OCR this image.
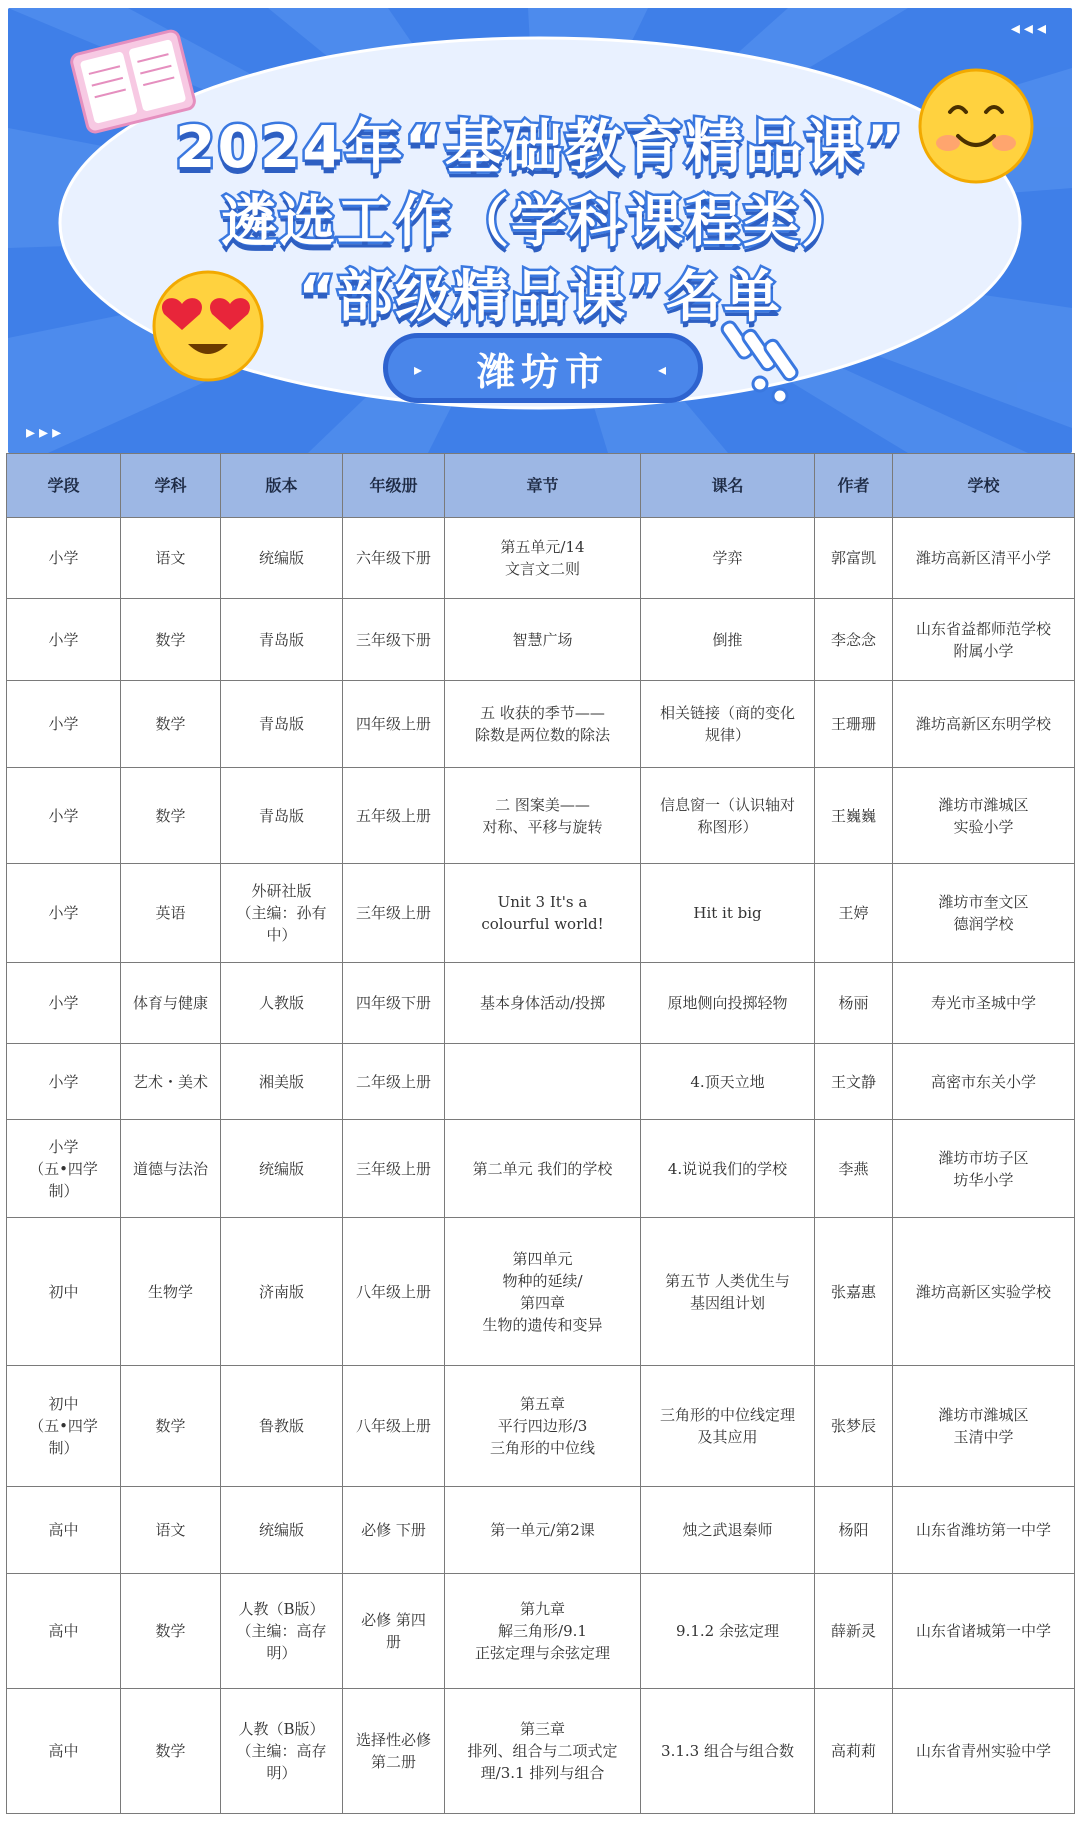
◂◂◂
▸▸▸
2024年“基础教育精品课”
遴选工作（学科课程类）
“部级精品课”名单
▸ 潍坊市	◂
学段	学科	版本	年级册	章节	课名	作者	学校
小学	语文	统编版	六年级下册	第五单元/14
文言文二则	学弈	郭富凯	潍坊高新区清平小学
小学	数学	青岛版	三年级下册	智慧广场	倒推	李念念	山东省益都师范学校
附属小学
小学	数学	青岛版	四年级上册	五 收获的季节——
除数是两位数的除法	相关链接（商的变化
规律）	王珊珊	潍坊高新区东明学校
小学	数学	青岛版	五年级上册	二 图案美——
对称、平移与旋转	信息窗一（认识轴对
称图形）	王巍巍	潍坊市潍城区
实验小学
小学	英语	外研社版
（主编：孙有
中）	三年级上册	Unit 3 It's a
colourful world!	Hit it big	王婷	潍坊市奎文区
德润学校
小学	体育与健康	人教版	四年级下册	基本身体活动/投掷	原地侧向投掷轻物	杨丽	寿光市圣城中学
小学	艺术・美术	湘美版	二年级上册		4.顶天立地	王文静	高密市东关小学
小学
（五•四学
制）	道德与法治	统编版	三年级上册	第二单元 我们的学校	4.说说我们的学校	李燕	潍坊市坊子区
坊华小学
初中	生物学	济南版	八年级上册	第四单元
物种的延续/
第四章
生物的遗传和变异	第五节 人类优生与
基因组计划	张嘉惠	潍坊高新区实验学校
初中
（五•四学
制）	数学	鲁教版	八年级上册	第五章
平行四边形/3
三角形的中位线	三角形的中位线定理
及其应用	张梦辰	潍坊市潍城区
玉清中学
高中	语文	统编版	必修 下册	第一单元/第2课	烛之武退秦师	杨阳	山东省潍坊第一中学
高中	数学	人教（B版）
（主编：高存
明）	必修 第四
册	第九章
解三角形/9.1
正弦定理与余弦定理	9.1.2 余弦定理	薛新灵	山东省诸城第一中学
高中	数学	人教（B版）
（主编：高存
明）	选择性必修
第二册	第三章
排列、组合与二项式定
理/3.1 排列与组合	3.1.3 组合与组合数	高莉莉	山东省青州实验中学
